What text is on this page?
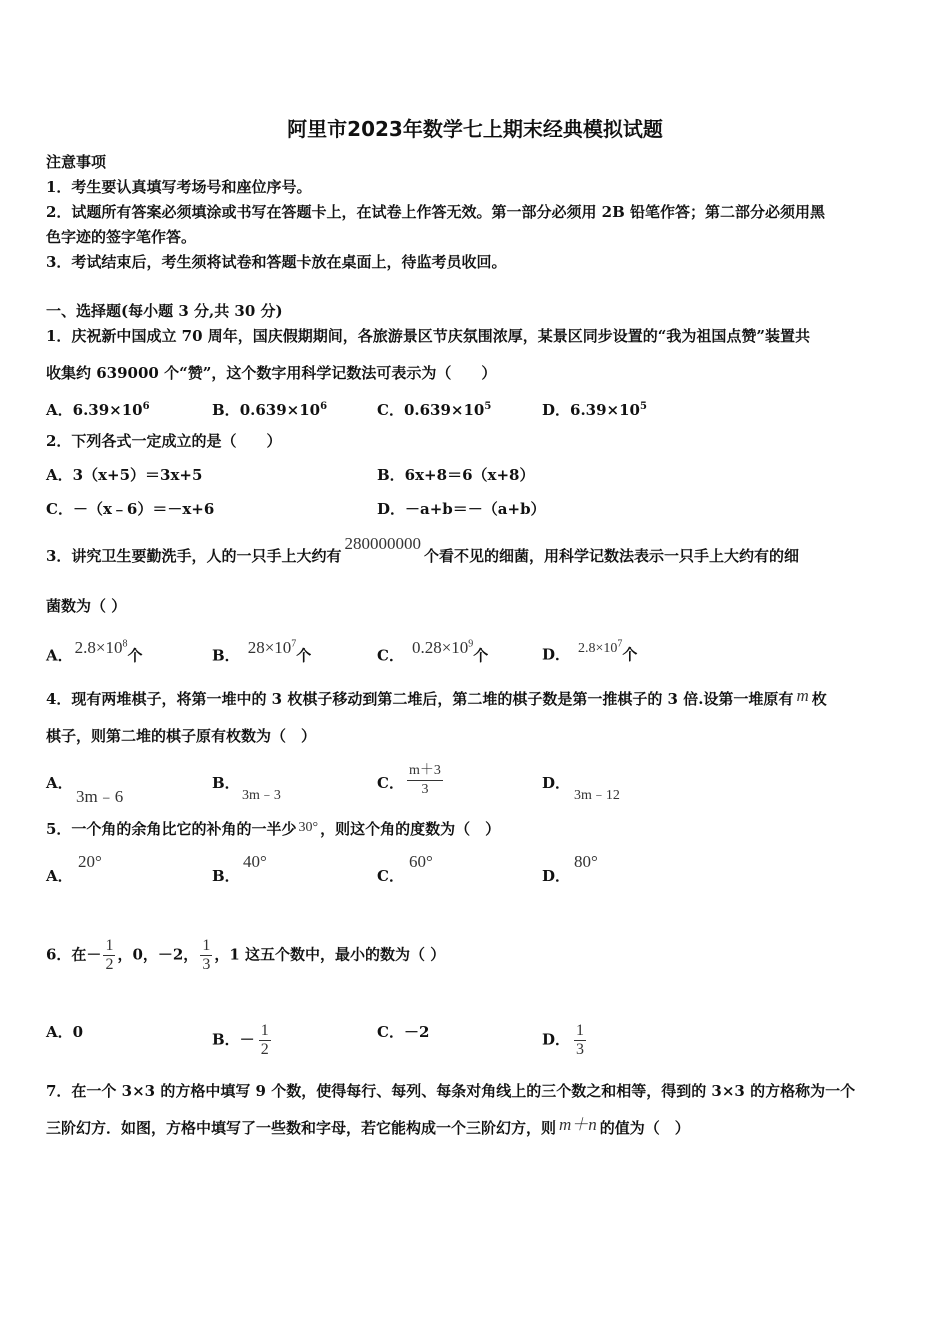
阿里市2023年数学七上期末经典模拟试题
注意事项
1．考生要认真填写考场号和座位序号。
2．试题所有答案必须填涂或书写在答题卡上，在试卷上作答无效。第一部分必须用 2B 铅笔作答；第二部分必须用黑
色字迹的签字笔作答。
3．考试结束后，考生须将试卷和答题卡放在桌面上，待监考员收回。
一、选择题(每小题 3 分,共 30 分)
1．庆祝新中国成立 70 周年，国庆假期期间，各旅游景区节庆氛围浓厚，某景区同步设置的“我为祖国点赞”装置共
收集约 639000 个“赞”，这个数字用科学记数法可表示为（　　）
A．$6.39\times 10^6$	B．$0.639\times 10^6$	C．$0.639\times 10^5$	D．$6.39\times 10^5$
2．下列各式一定成立的是（　　）
A．3（x+5）＝3x+5	B．6x+8＝6（x+8）
C．－（x﹣6）＝－x+6	D．－a+b＝－（a+b）
3．讲究卫生要勤洗手，人的一只手上大约有280000000个看不见的细菌，用科学记数法表示一只手上大约有的细
菌数为（ ）
A． $2.8\times 10^8$个	B． $28\times 10^7$个	C． $0.28\times 10^9$个	D． $2.8\times 10^7$个
4．现有两堆棋子，将第一堆中的 3 枚棋子移动到第二堆后，第二堆的棋子数是第一推棋子的 3 倍.设第一堆原有 m 枚
棋子，则第二堆的棋子原有枚数为（　）
A．
3m﹣6
B．
3m﹣3
C． $\frac{m+3}{3}$	D．
3m﹣12
5．一个角的余角比它的补角的一半少 30° ，则这个角的度数为（　）
A．
20°
B．
40°
C．
60°
D．
80°
6．在－ $\frac{1}{2}$ ，0，－2， $\frac{1}{3}$ ，1 这五个数中，最小的数为（ ）
A．0	B．－ $\frac{1}{2}$	C．－2	D． $\frac{1}{3}$
7．在一个 3×3 的方格中填写 9 个数，使得每行、每列、每条对角线上的三个数之和相等，得到的 3×3 的方格称为一个
三阶幻方．如图，方格中填写了一些数和字母，若它能构成一个三阶幻方，则 m＋n 的值为（　）
